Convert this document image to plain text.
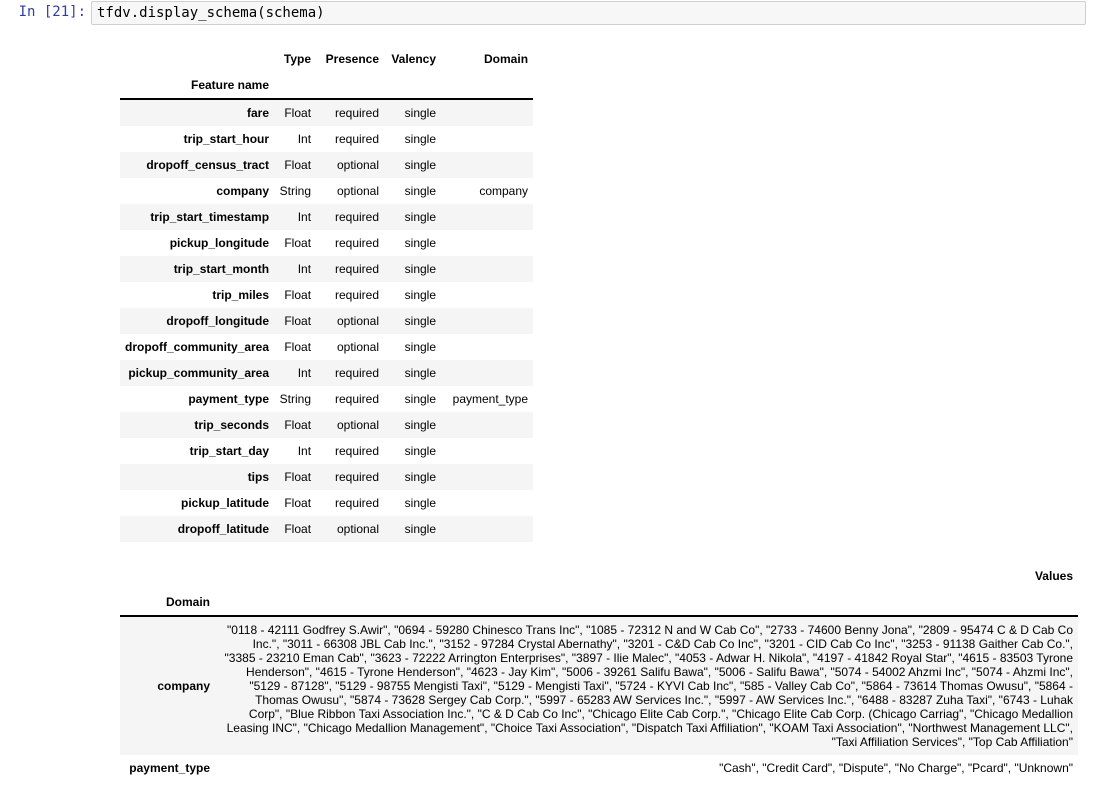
In [21]: tfdv.display_schema(schema)
	Type	Presence	Valency	Domain
Feature name				
fare	Float	required	single	
trip_start_hour	Int	required	single	
dropoff_census_tract	Float	optional	single	
company	String	optional	single	company
trip_start_timestamp	Int	required	single	
pickup_longitude	Float	required	single	
trip_start_month	Int	required	single	
trip_miles	Float	required	single	
dropoff_longitude	Float	optional	single	
dropoff_community_area	Float	optional	single	
pickup_community_area	Int	required	single	
payment_type	String	required	single	payment_type
trip_seconds	Float	optional	single	
trip_start_day	Int	required	single	
tips	Float	required	single	
pickup_latitude	Float	required	single	
dropoff_latitude	Float	optional	single	
	Values
Domain	
company	"0118 - 42111 Godfrey S.Awir", "0694 - 59280 Chinesco Trans Inc", "1085 - 72312 N and W Cab Co", "2733 - 74600 Benny Jona", "2809 - 95474 C & D Cab Co Inc.", "3011 - 66308 JBL Cab Inc.", "3152 - 97284 Crystal Abernathy", "3201 - C&D Cab Co Inc", "3201 - CID Cab Co Inc", "3253 - 91138 Gaither Cab Co.", "3385 - 23210 Eman Cab", "3623 - 72222 Arrington Enterprises", "3897 - Ilie Malec", "4053 - Adwar H. Nikola", "4197 - 41842 Royal Star", "4615 - 83503 Tyrone Henderson", "4615 - Tyrone Henderson", "4623 - Jay Kim", "5006 - 39261 Salifu Bawa", "5006 - Salifu Bawa", "5074 - 54002 Ahzmi Inc", "5074 - Ahzmi Inc", "5129 - 87128", "5129 - 98755 Mengisti Taxi", "5129 - Mengisti Taxi", "5724 - KYVI Cab Inc", "585 - Valley Cab Co", "5864 - 73614 Thomas Owusu", "5864 - Thomas Owusu", "5874 - 73628 Sergey Cab Corp.", "5997 - 65283 AW Services Inc.", "5997 - AW Services Inc.", "6488 - 83287 Zuha Taxi", "6743 - Luhak Corp", "Blue Ribbon Taxi Association Inc.", "C & D Cab Co Inc", "Chicago Elite Cab Corp.", "Chicago Elite Cab Corp. (Chicago Carriag", "Chicago Medallion Leasing INC", "Chicago Medallion Management", "Choice Taxi Association", "Dispatch Taxi Affiliation", "KOAM Taxi Association", "Northwest Management LLC", "Taxi Affiliation Services", "Top Cab Affiliation"
payment_type	"Cash", "Credit Card", "Dispute", "No Charge", "Pcard", "Unknown"
